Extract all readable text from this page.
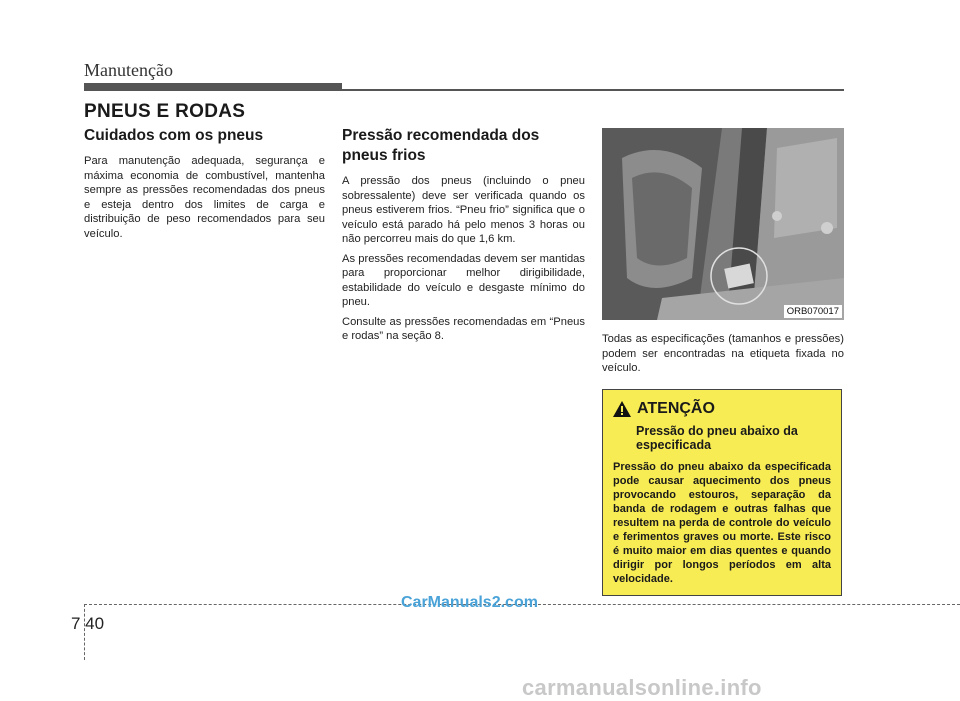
Manutenção
PNEUS E RODAS
Cuidados com os pneus

Para manutenção adequada, segurança e máxima economia de combustível, mantenha sempre as pressões recomendadas dos pneus e esteja dentro dos limites de carga e distribuição de peso recomendados para seu veículo.

Pressão recomendada dos pneus frios

A pressão dos pneus (incluindo o pneu sobressalente) deve ser verificada quando os pneus estiverem frios. “Pneu frio” significa que o veículo está parado há pelo menos 3 horas ou não percorreu mais do que 1,6 km.

As pressões recomendadas devem ser mantidas para proporcionar melhor dirigibilidade, estabilidade do veículo e desgaste mínimo do pneu.

Consulte as pressões recomendadas em “Pneus e rodas” na seção 8.

ORB070017

Todas as especificações (tamanhos e pressões) podem ser encontradas na etiqueta fixada no veículo.

ATENÇÃO
Pressão do pneu abaixo da especificada

Pressão do pneu abaixo da especificada pode causar aquecimento dos pneus provocando estouros, separação da banda de rodagem e outras falhas que resultem na perda de controle do veículo e ferimentos graves ou morte. Este risco é muito maior em dias quentes e quando dirigir por longos períodos em alta velocidade.

7 40
CarManuals2.com
carmanualsonline.info
